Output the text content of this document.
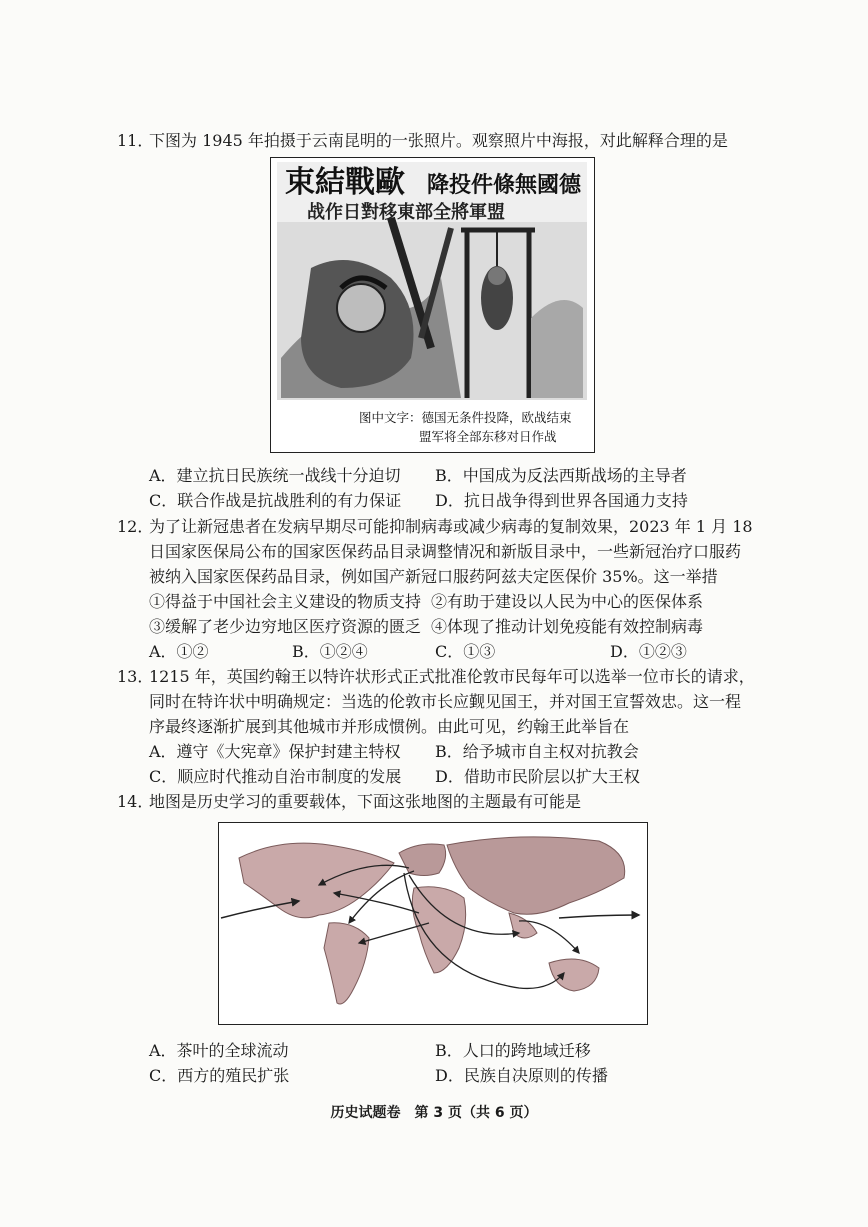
11．
下图为 1945 年拍摄于云南昆明的一张照片。观察照片中海报，对此解释合理的是
束結戰歐 降投件條無國德
战作日對移東部全將軍盟
图中文字：德国无条件投降，欧战结束
盟军将全部东移对日作战
A．建立抗日民族统一战线十分迫切 B．中国成为反法西斯战场的主导者
C．联合作战是抗战胜利的有力保证 D．抗日战争得到世界各国通力支持
12．
为了让新冠患者在发病早期尽可能抑制病毒或减少病毒的复制效果，2023 年 1 月 18
日国家医保局公布的国家医保药品目录调整情况和新版目录中，一些新冠治疗口服药
被纳入国家医保药品目录，例如国产新冠口服药阿兹夫定医保价 35%。这一举措
①得益于中国社会主义建设的物质支持 ②有助于建设以人民为中心的医保体系
③缓解了老少边穷地区医疗资源的匮乏 ④体现了推动计划免疫能有效控制病毒
A．①②	B．①②④	C．①③	D．①②③
13．
1215 年，英国约翰王以特许状形式正式批准伦敦市民每年可以选举一位市长的请求，
同时在特许状中明确规定：当选的伦敦市长应觐见国王，并对国王宣誓效忠。这一程
序最终逐渐扩展到其他城市并形成惯例。由此可见，约翰王此举旨在
A．遵守《大宪章》保护封建主特权 B．给予城市自主权对抗教会
C．顺应时代推动自治市制度的发展 D．借助市民阶层以扩大王权
14．
地图是历史学习的重要载体，下面这张地图的主题最有可能是
A．茶叶的全球流动	B．人口的跨地域迁移
C．西方的殖民扩张	D．民族自决原则的传播
历史试题卷　第 3 页（共 6 页）
